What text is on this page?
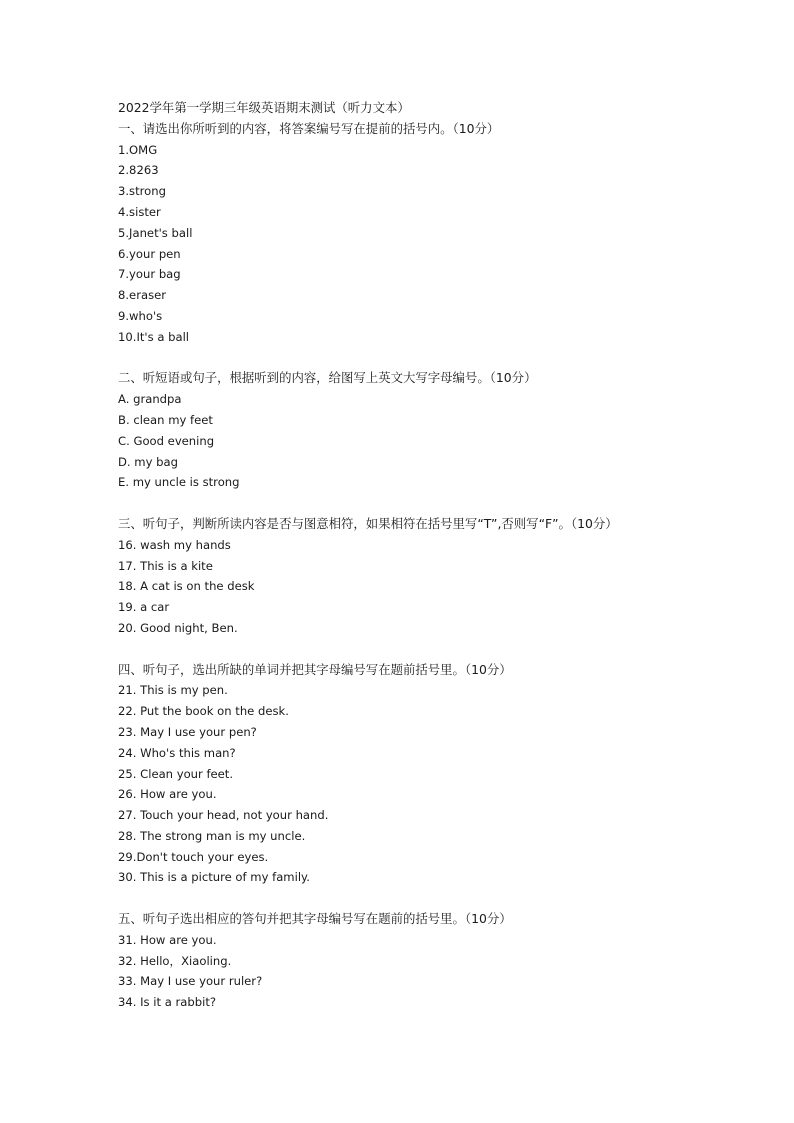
2022学年第一学期三年级英语期末测试（听力文本）
一、请选出你所听到的内容，将答案编号写在提前的括号内。（10分）
1.OMG
2.8263
3.strong
4.sister
5.Janet's ball
6.your pen
7.your bag
8.eraser
9.who's
10.It's a ball
二、听短语或句子，根据听到的内容，给图写上英文大写字母编号。（10分）
A. grandpa
B. clean my feet
C. Good evening
D. my bag
E. my uncle is strong
三、听句子，判断所读内容是否与图意相符，如果相符在括号里写“T”,否则写“F”。（10分）
16. wash my hands
17. This is a kite
18. A cat is on the desk
19. a car
20. Good night, Ben.
四、听句子，选出所缺的单词并把其字母编号写在题前括号里。（10分）
21. This is my pen.
22. Put the book on the desk.
23. May I use your pen?
24. Who's this man?
25. Clean your feet.
26. How are you.
27. Touch your head, not your hand.
28. The strong man is my uncle.
29.Don't touch your eyes.
30. This is a picture of my family.
五、听句子选出相应的答句并把其字母编号写在题前的括号里。（10分）
31. How are you.
32. Hello，Xiaoling.
33. May I use your ruler?
34. Is it a rabbit?
